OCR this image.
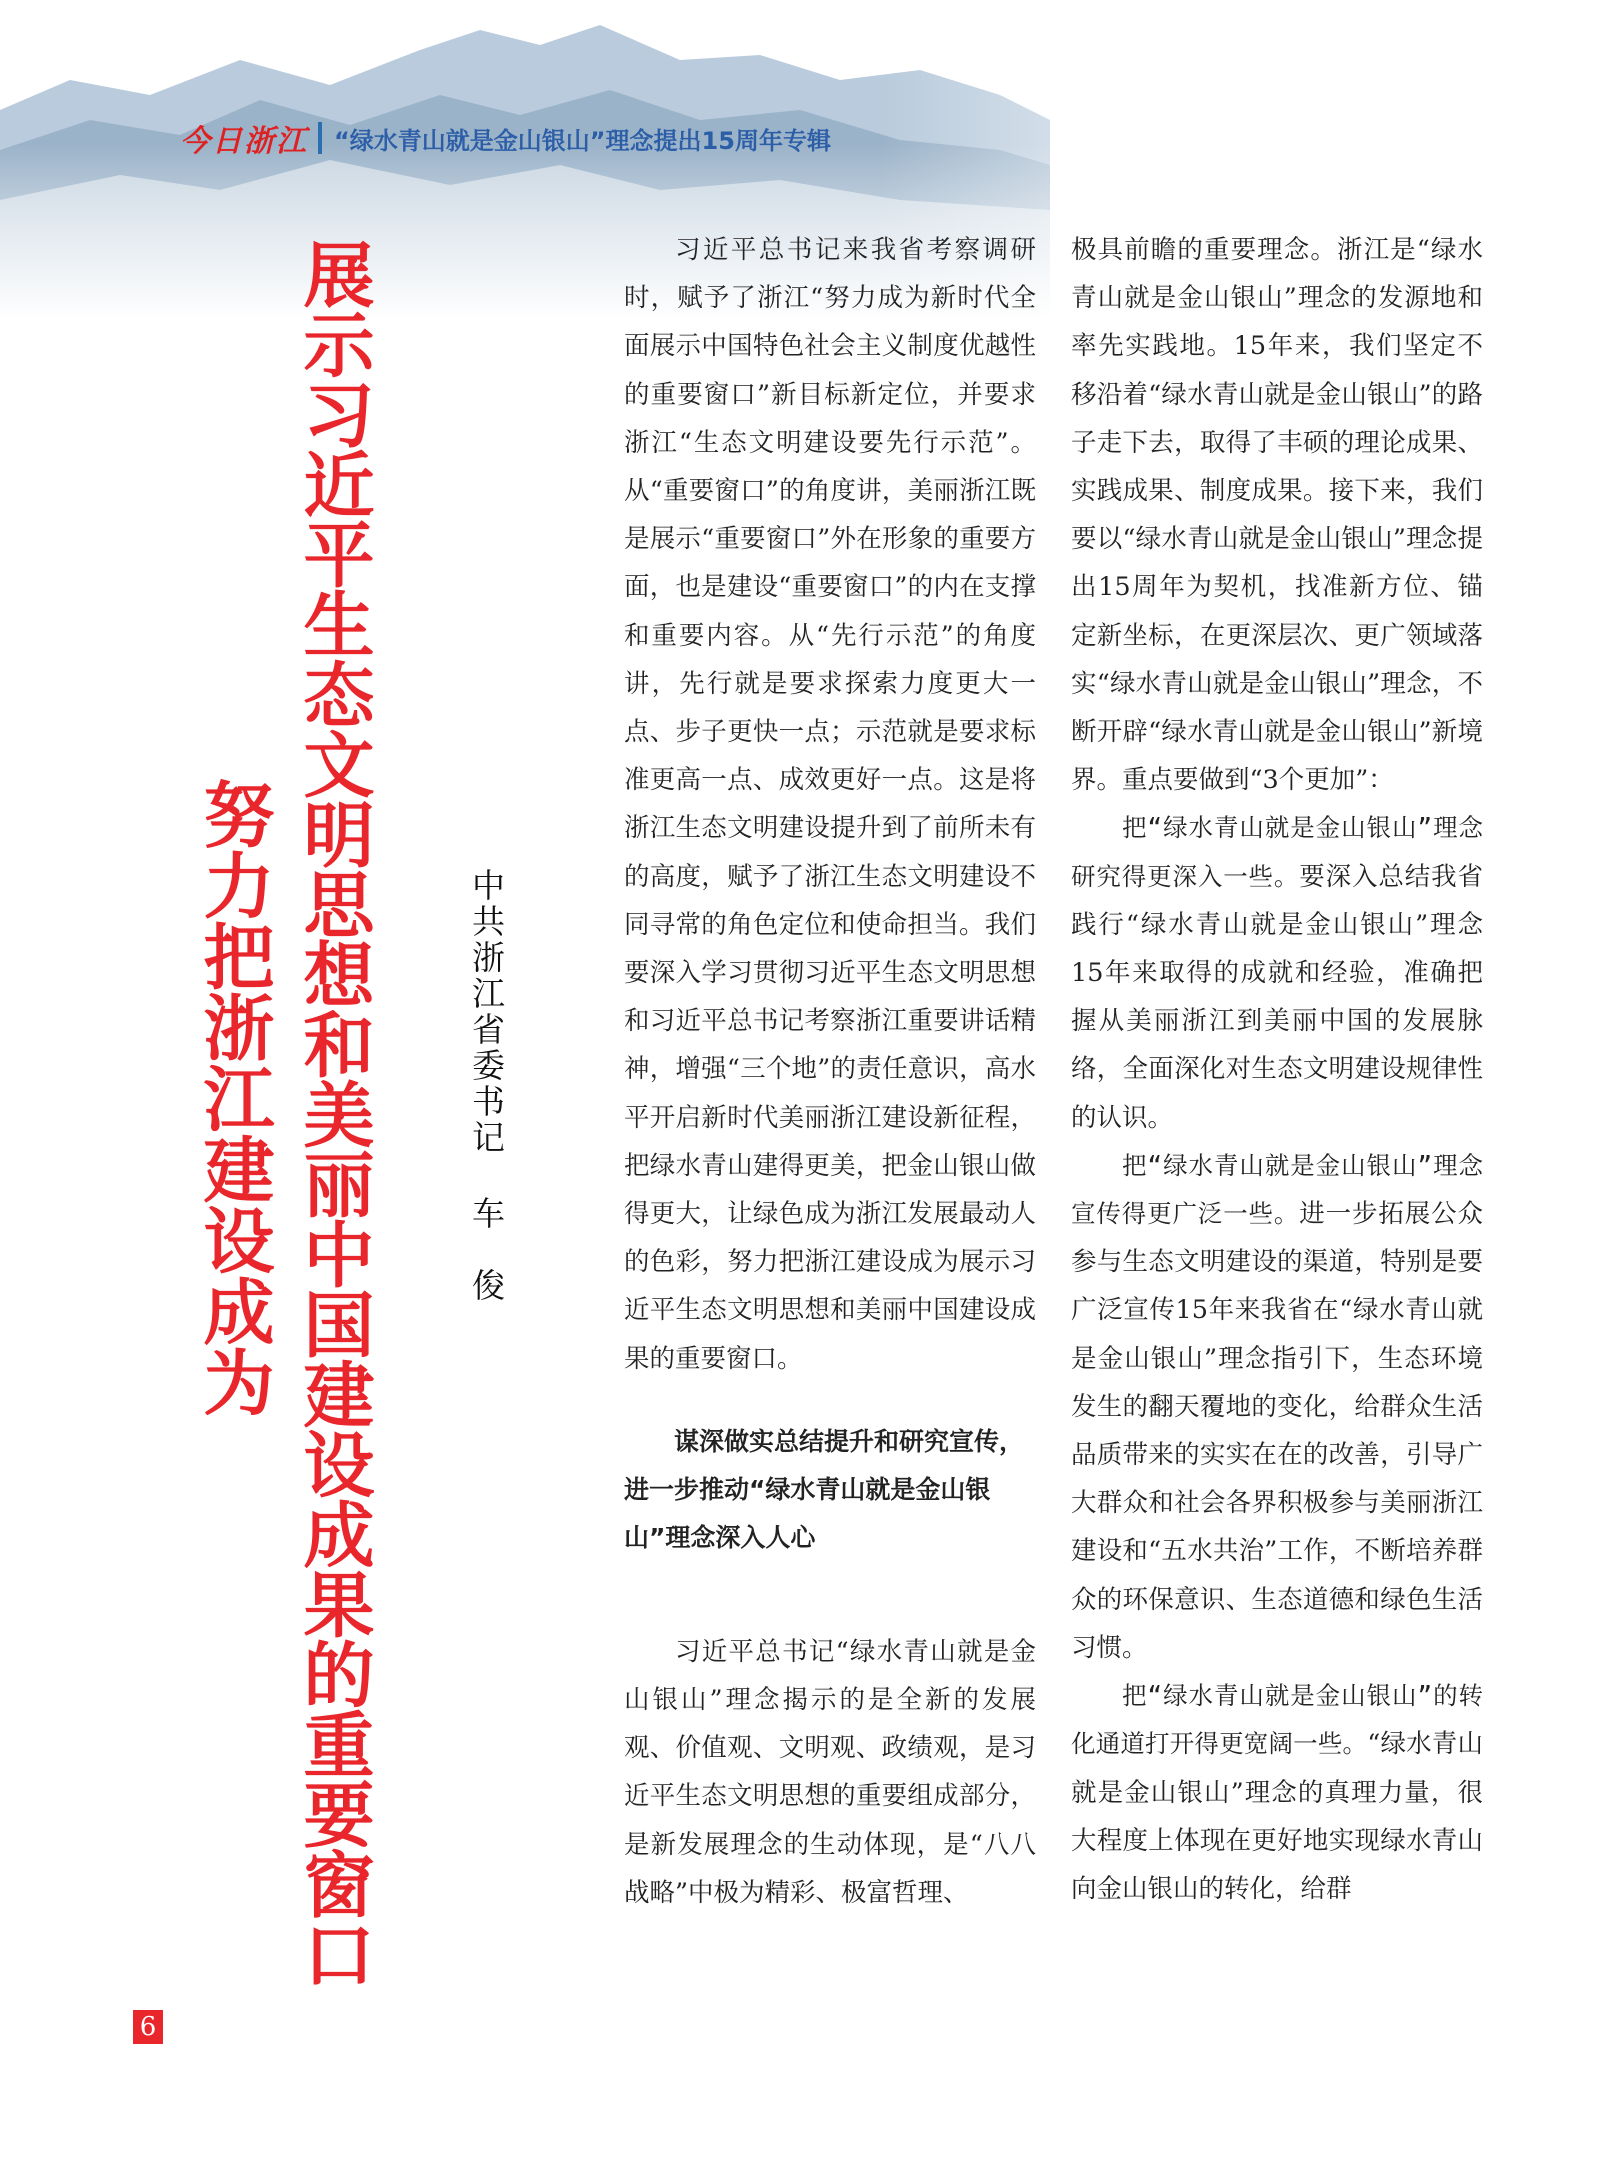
今日浙江 “绿水青山就是金山银山”理念提出15周年专辑
展示习近平生态文明思想和美丽中国建设成果的重要窗口
努力把浙江建设成为	中共浙江省委书记车　俊

习近平总书记来我省考察调研时，赋予了浙江“努力成为新时代全面展示中国特色社会主义制度优越性的重要窗口”新目标新定位，并要求浙江“生态文明建设要先行示范”。从“重要窗口”的角度讲，美丽浙江既是展示“重要窗口”外在形象的重要方面，也是建设“重要窗口”的内在支撑和重要内容。从“先行示范”的角度讲，先行就是要求探索力度更大一点、步子更快一点；示范就是要求标准更高一点、成效更好一点。这是将浙江生态文明建设提升到了前所未有的高度，赋予了浙江生态文明建设不同寻常的角色定位和使命担当。我们要深入学习贯彻习近平生态文明思想和习近平总书记考察浙江重要讲话精神，增强“三个地”的责任意识，高水平开启新时代美丽浙江建设新征程，把绿水青山建得更美，把金山银山做得更大，让绿色成为浙江发展最动人的色彩，努力把浙江建设成为展示习近平生态文明思想和美丽中国建设成果的重要窗口。

谋深做实总结提升和研究宣传，进一步推动“绿水青山就是金山银山”理念深入人心

习近平总书记“绿水青山就是金山银山”理念揭示的是全新的发展观、价值观、文明观、政绩观，是习近平生态文明思想的重要组成部分，是新发展理念的生动体现，是“八八战略”中极为精彩、极富哲理、

极具前瞻的重要理念。浙江是“绿水青山就是金山银山”理念的发源地和率先实践地。15年来，我们坚定不移沿着“绿水青山就是金山银山”的路子走下去，取得了丰硕的理论成果、实践成果、制度成果。接下来，我们要以“绿水青山就是金山银山”理念提出15周年为契机，找准新方位、锚定新坐标，在更深层次、更广领域落实“绿水青山就是金山银山”理念，不断开辟“绿水青山就是金山银山”新境界。重点要做到“3个更加”：

把“绿水青山就是金山银山”理念研究得更深入一些。要深入总结我省践行“绿水青山就是金山银山”理念15年来取得的成就和经验，准确把握从美丽浙江到美丽中国的发展脉络，全面深化对生态文明建设规律性的认识。

把“绿水青山就是金山银山”理念宣传得更广泛一些。进一步拓展公众参与生态文明建设的渠道，特别是要广泛宣传15年来我省在“绿水青山就是金山银山”理念指引下，生态环境发生的翻天覆地的变化，给群众生活品质带来的实实在在的改善，引导广大群众和社会各界积极参与美丽浙江建设和“五水共治”工作，不断培养群众的环保意识、生态道德和绿色生活习惯。

把“绿水青山就是金山银山”的转化通道打开得更宽阔一些。“绿水青山就是金山银山”理念的真理力量，很大程度上体现在更好地实现绿水青山向金山银山的转化，给群

6
